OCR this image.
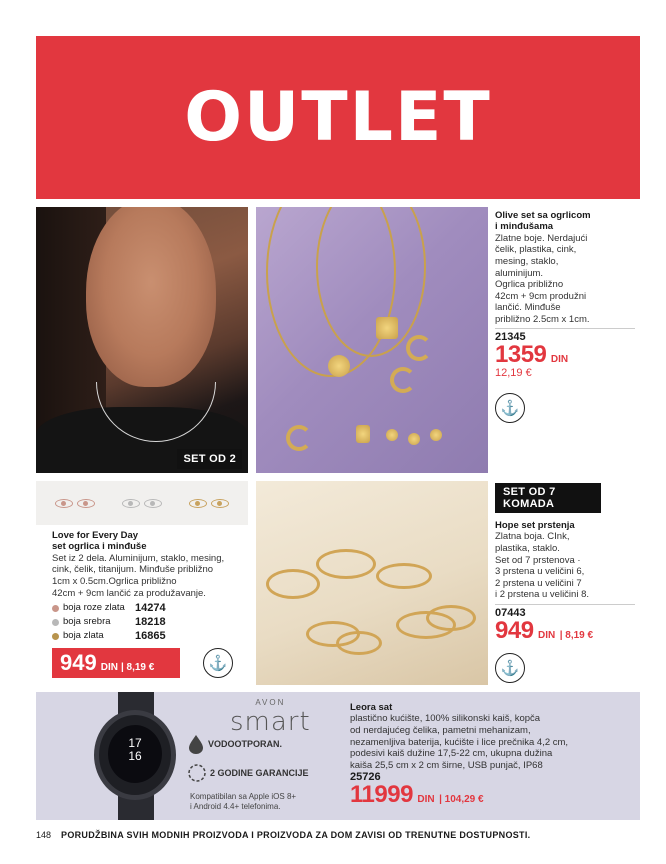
OUTLET
SET OD 2
Olive set sa ogrlicom
i minđušama
Zlatne boje. Nerdajući
čelik, plastika, cink,
mesing, staklo,
aluminijum.
Ogrlica približno
42cm + 9cm produžni
lančić. Minđuše
približno 2.5cm x 1cm.
21345
1359 DIN
12,19 €
⚓
Love for Every Day
set ogrlica i minđuše
Set iz 2 dela. Aluminijum, staklo, mesing,
cink, čelik, titanijum. Minđuše približno
1cm x 0.5cm.Ogrlica približno
42cm + 9cm lančić za produžavanje.
boja roze zlata 14274
boja srebra	18218
boja zlata	16865
949 DIN | 8,19 €	⚓
SET OD 7
KOMADA
Hope set prstenja
Zlatna boja. CInk,
plastika, staklo.
Set od 7 prstenova ·
3 prstena u veličini 6,
2 prstena u veličini 7
i 2 prstena u veličini 8.
07443
949 DIN | 8,19 €
⚓
17
16
AVON
smart
VODOOTPORAN.
2 GODINE GARANCIJE
Kompatibilan sa Apple iOS 8+
i Android 4.4+ telefonima.
Leora sat
plastično kućište, 100% silikonski kaiš, kopča
od nerdajućeg čelika, pametni mehanizam,
nezamenljiva baterija, kućište i lice prečnika 4,2 cm,
podesivi kaiš dužine 17,5-22 cm, ukupna dužina
kaiša 25,5 cm x 2 cm širne, USB punjač, IP68
25726
11999 DIN | 104,29 €
148 PORUDŽBINA SVIH MODNIH PROIZVODA I PROIZVODA ZA DOM ZAVISI OD TRENUTNE DOSTUPNOSTI.
